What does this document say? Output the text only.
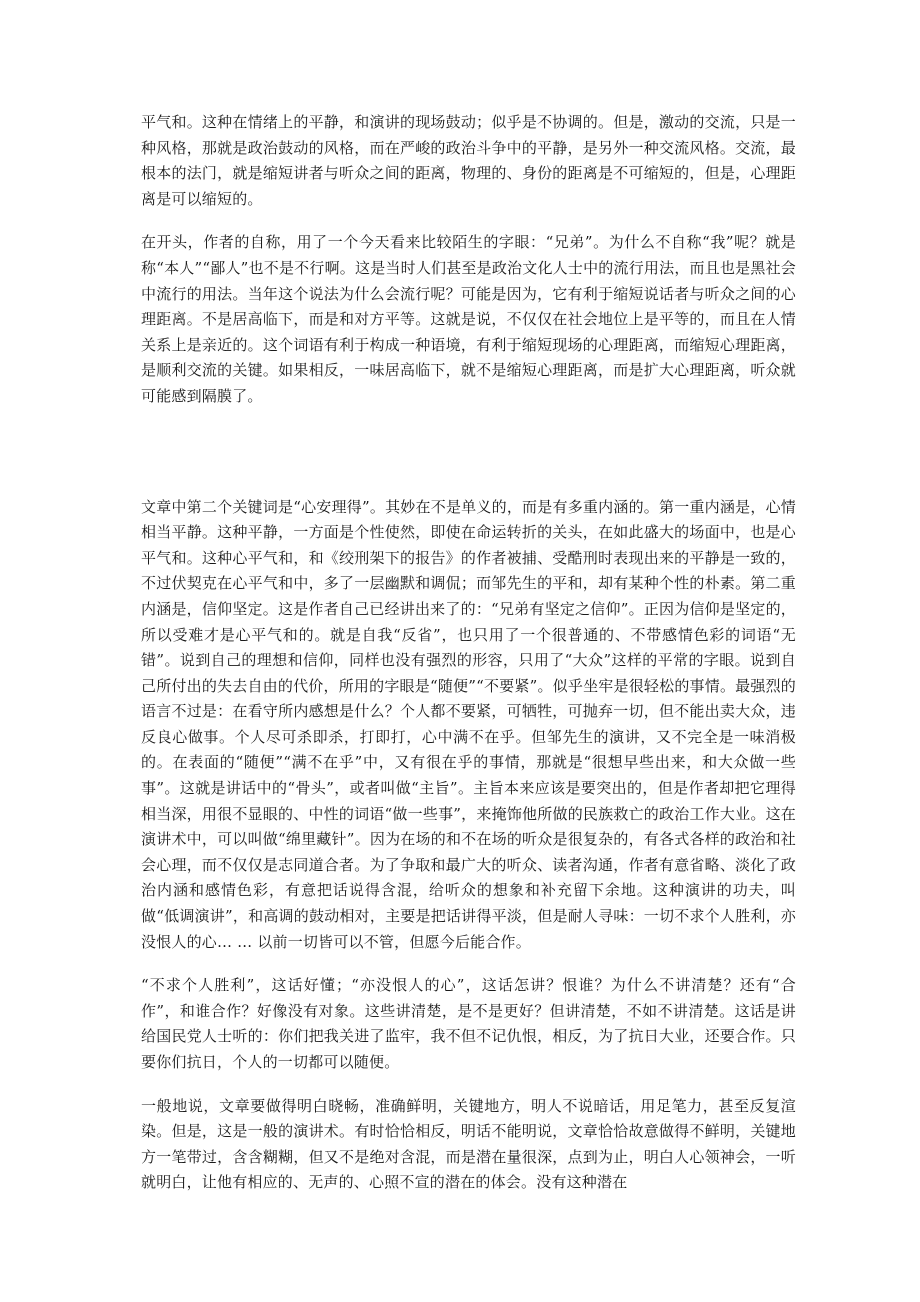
平气和。这种在情绪上的平静，和演讲的现场鼓动；似乎是不协调的。但是，激动的交流，只是一种风格，那就是政治鼓动的风格，而在严峻的政治斗争中的平静，是另外一种交流风格。交流，最根本的法门，就是缩短讲者与听众之间的距离，物理的、身份的距离是不可缩短的，但是，心理距离是可以缩短的。

在开头，作者的自称，用了一个今天看来比较陌生的字眼：“兄弟”。为什么不自称“我”呢？就是称“本人”“鄙人”也不是不行啊。这是当时人们甚至是政治文化人士中的流行用法，而且也是黑社会中流行的用法。当年这个说法为什么会流行呢？可能是因为，它有利于缩短说话者与听众之间的心理距离。不是居高临下，而是和对方平等。这就是说，不仅仅在社会地位上是平等的，而且在人情关系上是亲近的。这个词语有利于构成一种语境，有利于缩短现场的心理距离，而缩短心理距离，是顺利交流的关键。如果相反，一味居高临下，就不是缩短心理距离，而是扩大心理距离，听众就可能感到隔膜了。

文章中第二个关键词是“心安理得”。其妙在不是单义的，而是有多重内涵的。第一重内涵是，心情相当平静。这种平静，一方面是个性使然，即使在命运转折的关头，在如此盛大的场面中，也是心平气和。这种心平气和，和《绞刑架下的报告》的作者被捕、受酷刑时表现出来的平静是一致的，不过伏契克在心平气和中，多了一层幽默和调侃；而邹先生的平和，却有某种个性的朴素。第二重内涵是，信仰坚定。这是作者自己已经讲出来了的：“兄弟有坚定之信仰”。正因为信仰是坚定的，所以受难才是心平气和的。就是自我“反省”，也只用了一个很普通的、不带感情色彩的词语“无错”。说到自己的理想和信仰，同样也没有强烈的形容，只用了“大众”这样的平常的字眼。说到自己所付出的失去自由的代价，所用的字眼是“随便”“不要紧”。似乎坐牢是很轻松的事情。最强烈的语言不过是：在看守所内感想是什么？个人都不要紧，可牺牲，可抛弃一切，但不能出卖大众，违反良心做事。个人尽可杀即杀，打即打，心中满不在乎。但邹先生的演讲，又不完全是一味消极的。在表面的“随便”“满不在乎”中，又有很在乎的事情，那就是“很想早些出来，和大众做一些事”。这就是讲话中的“骨头”，或者叫做“主旨”。主旨本来应该是要突出的，但是作者却把它理得相当深，用很不显眼的、中性的词语“做一些事”，来掩饰他所做的民族救亡的政治工作大业。这在演讲术中，可以叫做“绵里藏针”。因为在场的和不在场的听众是很复杂的，有各式各样的政治和社会心理，而不仅仅是志同道合者。为了争取和最广大的听众、读者沟通，作者有意省略、淡化了政治内涵和感情色彩，有意把话说得含混，给听众的想象和补充留下余地。这种演讲的功夫，叫做“低调演讲”，和高调的鼓动相对，主要是把话讲得平淡，但是耐人寻味：一切不求个人胜利，亦没恨人的心… … 以前一切皆可以不管，但愿今后能合作。

“不求个人胜利”，这话好懂；“亦没恨人的心”，这话怎讲？恨谁？为什么不讲清楚？还有“合作”，和谁合作？好像没有对象。这些讲清楚，是不是更好？但讲清楚，不如不讲清楚。这话是讲给国民党人士听的：你们把我关进了监牢，我不但不记仇恨，相反，为了抗日大业，还要合作。只要你们抗日，个人的一切都可以随便。

一般地说，文章要做得明白晓畅，准确鲜明，关键地方，明人不说暗话，用足笔力，甚至反复渲染。但是，这是一般的演讲术。有时恰恰相反，明话不能明说，文章恰恰故意做得不鲜明，关键地方一笔带过，含含糊糊，但又不是绝对含混，而是潜在量很深，点到为止，明白人心领神会，一听就明白，让他有相应的、无声的、心照不宣的潜在的体会。没有这种潜在
